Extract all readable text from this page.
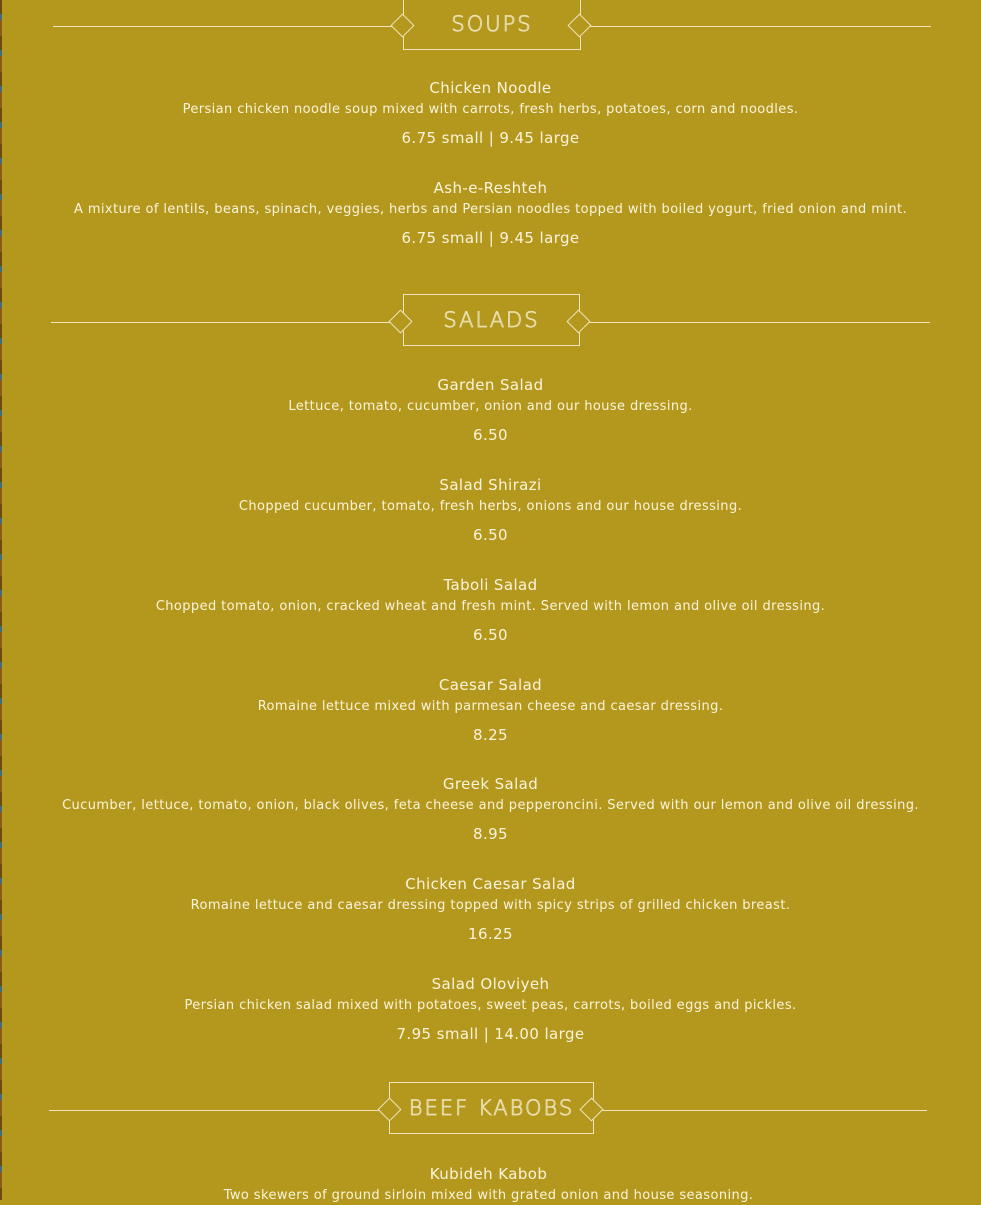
SOUPS
Chicken Noodle
Persian chicken noodle soup mixed with carrots, fresh herbs, potatoes, corn and noodles.
6.75 small | 9.45 large
Ash-e-Reshteh
A mixture of lentils, beans, spinach, veggies, herbs and Persian noodles topped with boiled yogurt, fried onion and mint.
6.75 small | 9.45 large
SALADS
Garden Salad
Lettuce, tomato, cucumber, onion and our house dressing.
6.50
Salad Shirazi
Chopped cucumber, tomato, fresh herbs, onions and our house dressing.
6.50
Taboli Salad
Chopped tomato, onion, cracked wheat and fresh mint. Served with lemon and olive oil dressing.
6.50
Caesar Salad
Romaine lettuce mixed with parmesan cheese and caesar dressing.
8.25
Greek Salad
Cucumber, lettuce, tomato, onion, black olives, feta cheese and pepperoncini. Served with our lemon and olive oil dressing.
8.95
Chicken Caesar Salad
Romaine lettuce and caesar dressing topped with spicy strips of grilled chicken breast.
16.25
Salad Oloviyeh
Persian chicken salad mixed with potatoes, sweet peas, carrots, boiled eggs and pickles.
7.95 small | 14.00 large
BEEF KABOBS
Kubideh Kabob
Two skewers of ground sirloin mixed with grated onion and house seasoning.
